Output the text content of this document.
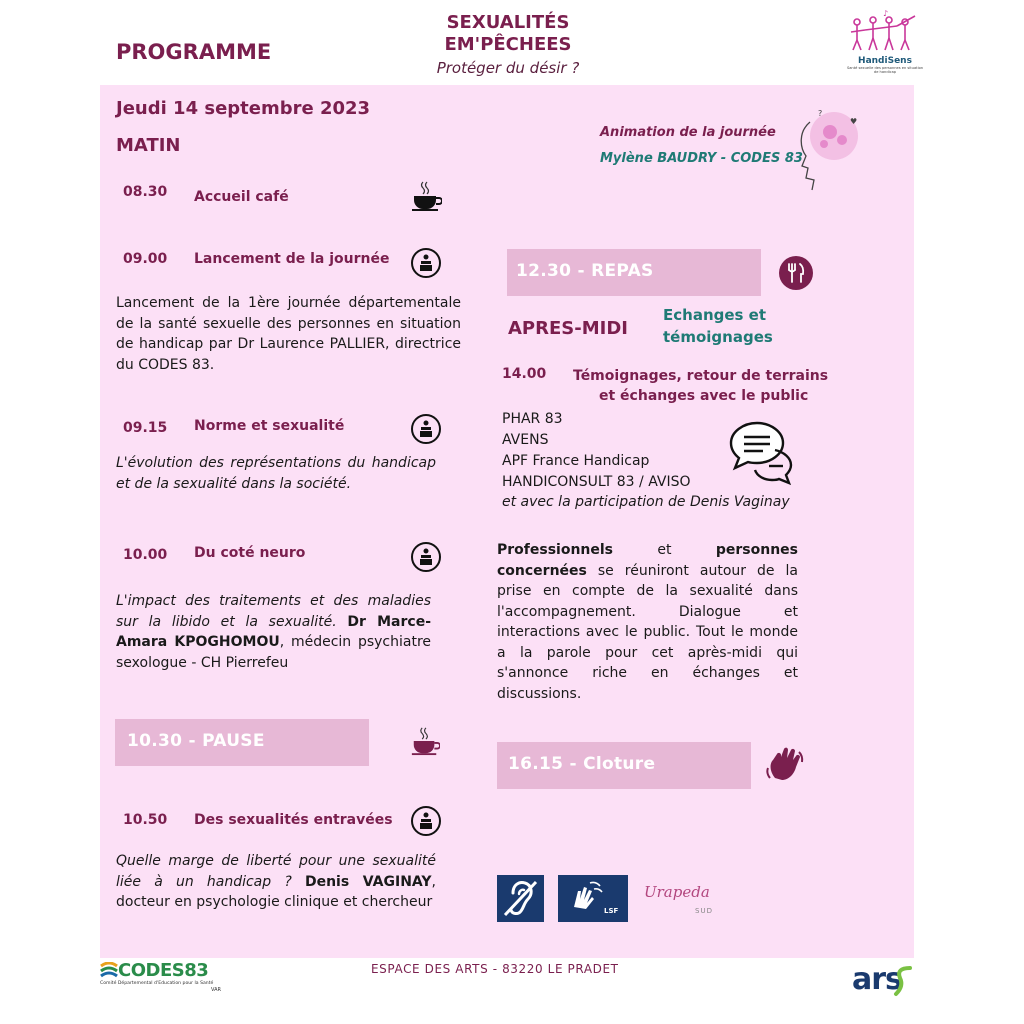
PROGRAMME
SEXUALITÉS
EM'PÊCHEES
Protéger du désir ?
♪
HandiSens
Santé sexuelle des personnes en situation de handicap
Jeudi 14 septembre 2023
MATIN
Animation de la journée
Mylène BAUDRY - CODES 83
?
♥
08.30 Accueil café
09.00 Lancement de la journée
Lancement de la 1ère journée départementale de la santé sexuelle des personnes en situation de handicap par Dr Laurence PALLIER, directrice du CODES 83.
09.15 Norme et sexualité
L'évolution des représentations du handicap et de la sexualité dans la société.
10.00 Du coté neuro
L'impact des traitements et des maladies sur la libido et la sexualité. Dr Marce-Amara KPOGHOMOU, médecin psychiatre sexologue - CH Pierrefeu
10.30 - PAUSE
10.50 Des sexualités entravées
Quelle marge de liberté pour une sexualité liée à un handicap ? Denis VAGINAY, docteur en psychologie clinique et chercheur
12.30 - REPAS
APRES-MIDI
Echanges et
témoignages
14.00 Témoignages, retour de terrains
et échanges avec le public
PHAR 83
AVENS
APF France Handicap
HANDICONSULT 83 / AVISO
et avec la participation de Denis Vaginay
Professionnels et personnes concernées se réuniront autour de la prise en compte de la sexualité dans l'accompagnement. Dialogue et interactions avec le public. Tout le monde a la parole pour cet après-midi qui s'annonce riche en échanges et discussions.
16.15 - Cloture
LSF
Urapeda
SUD
CODES83
Comité Départemental d'Education pour la Santé
VAR
ESPACE DES ARTS - 83220 LE PRADET	ars
